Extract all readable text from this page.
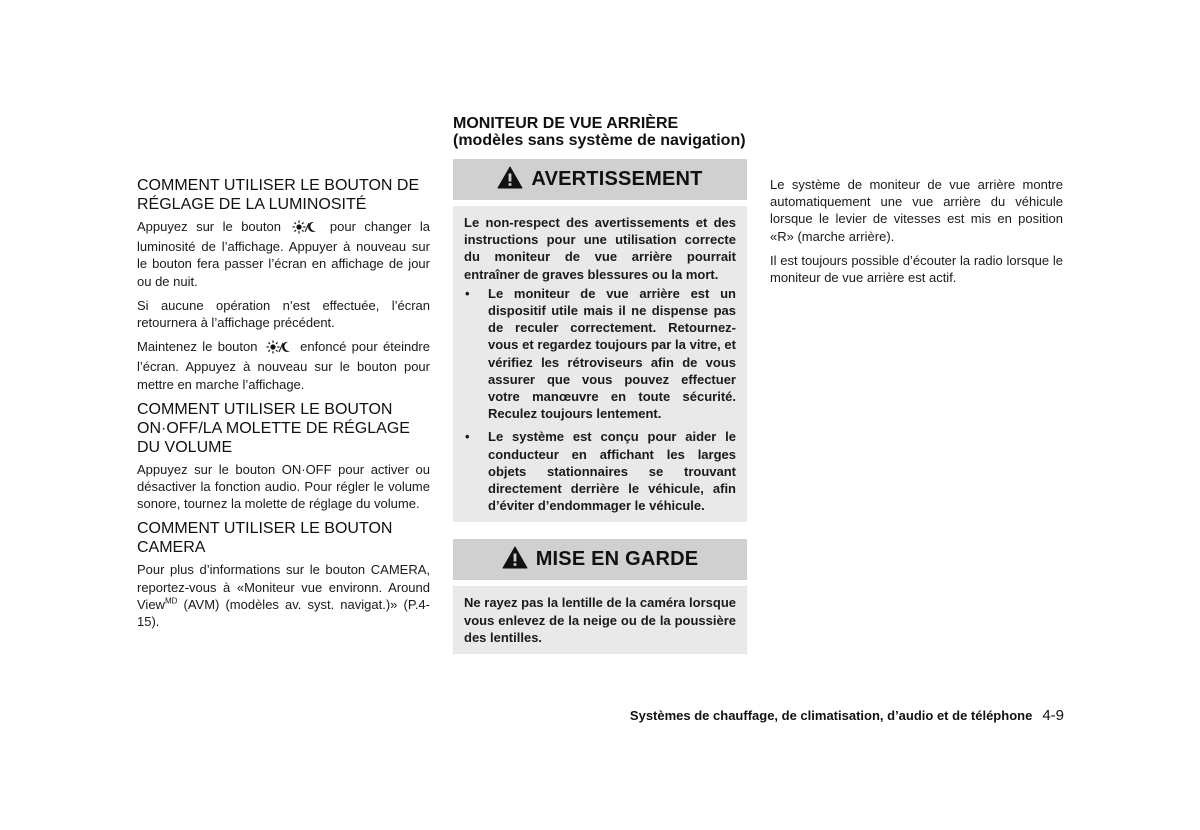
COMMENT UTILISER LE BOUTON DE RÉGLAGE DE LA LUMINOSITÉ

Appuyez sur le bouton	pour changer la luminosité de l’affichage. Appuyer à nouveau sur le bouton fera passer l’écran en affichage de jour ou de nuit.

Si aucune opération n’est effectuée, l’écran retournera à l’affichage précédent.

Maintenez le bouton	enfoncé pour éteindre l’écran. Appuyez à nouveau sur le bouton pour mettre en marche l’affichage.

COMMENT UTILISER LE BOUTON ON·OFF/LA MOLETTE DE RÉGLAGE DU VOLUME

Appuyez sur le bouton ON·OFF pour activer ou désactiver la fonction audio. Pour régler le volume sonore, tournez la molette de réglage du volume.

COMMENT UTILISER LE BOUTON CAMERA

Pour plus d’informations sur le bouton CAMERA, reportez-vous à «Moniteur vue environn. Around View$^{MD}$ (AVM) (modèles av. syst. navigat.)» (P.4-15).

MONITEUR DE VUE ARRIÈRE (modèles sans système de navigation)
AVERTISSEMENT

Le non-respect des avertissements et des instructions pour une utilisation correcte du moniteur de vue arrière pourrait entraîner de graves blessures ou la mort.

• Le moniteur de vue arrière est un dispositif utile mais il ne dispense pas de reculer correctement. Retournez-vous et regardez toujours par la vitre, et vérifiez les rétroviseurs afin de vous assurer que vous pouvez effectuer votre manœuvre en toute sécurité. Reculez toujours lentement.
• Le système est conçu pour aider le conducteur en affichant les larges objets stationnaires se trouvant directement derrière le véhicule, afin d’éviter d’endommager le véhicule.
MISE EN GARDE

Ne rayez pas la lentille de la caméra lorsque vous enlevez de la neige ou de la poussière des lentilles.

Le système de moniteur de vue arrière montre automatiquement une vue arrière du véhicule lorsque le levier de vitesses est mis en position «R» (marche arrière).

Il est toujours possible d’écouter la radio lorsque le moniteur de vue arrière est actif.

Systèmes de chauffage, de climatisation, d’audio et de téléphone 4-9
